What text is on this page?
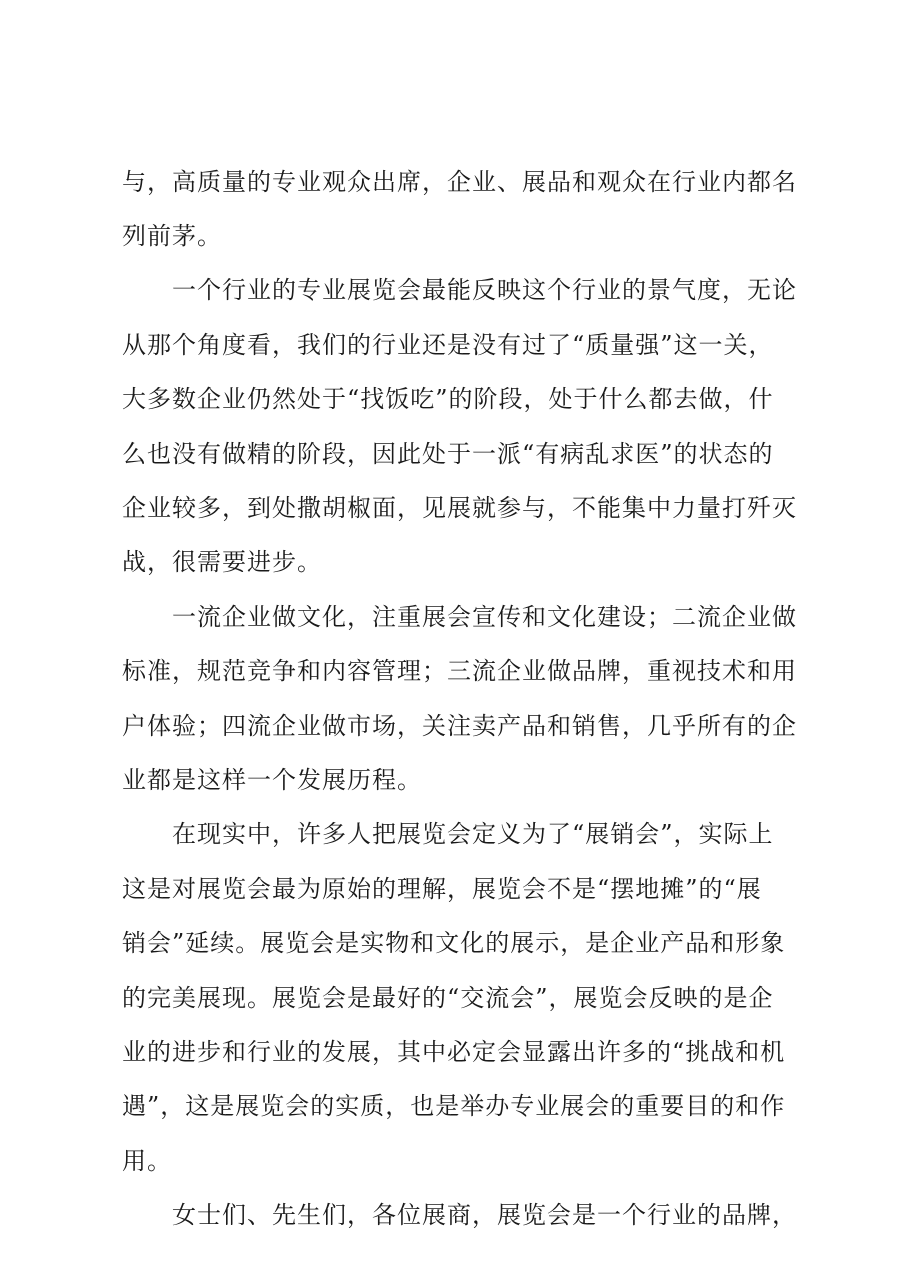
与，高质量的专业观众出席，企业、展品和观众在行业内都名
列前茅。
一个行业的专业展览会最能反映这个行业的景气度，无论
从那个角度看，我们的行业还是没有过了“质量强”这一关，
大多数企业仍然处于“找饭吃”的阶段，处于什么都去做，什
么也没有做精的阶段，因此处于一派“有病乱求医”的状态的
企业较多，到处撒胡椒面，见展就参与，不能集中力量打歼灭
战，很需要进步。
一流企业做文化，注重展会宣传和文化建设；二流企业做
标准，规范竞争和内容管理；三流企业做品牌，重视技术和用
户体验；四流企业做市场，关注卖产品和销售，几乎所有的企
业都是这样一个发展历程。
在现实中，许多人把展览会定义为了“展销会”，实际上
这是对展览会最为原始的理解，展览会不是“摆地摊”的“展
销会”延续。展览会是实物和文化的展示，是企业产品和形象
的完美展现。展览会是最好的“交流会”，展览会反映的是企
业的进步和行业的发展，其中必定会显露出许多的“挑战和机
遇”，这是展览会的实质，也是举办专业展会的重要目的和作
用。
女士们、先生们，各位展商，展览会是一个行业的品牌，
